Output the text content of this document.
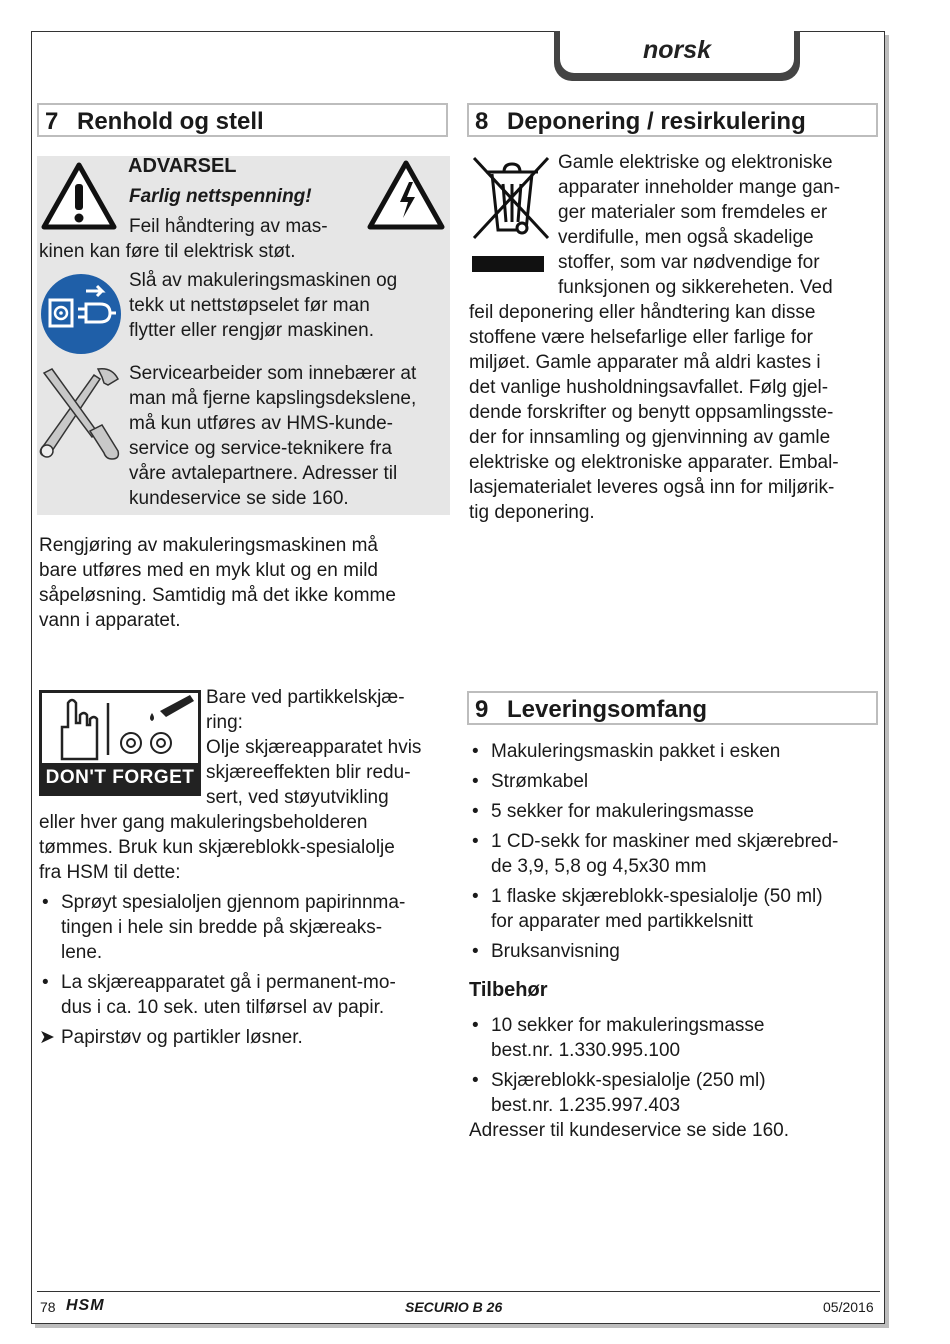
norsk
7 Renhold og stell
ADVARSEL
Farlig nettspenning!
Feil håndtering av mas-
kinen kan føre til elektrisk støt.
Slå av makuleringsmaskinen og
tekk ut nettstøpselet før man
flytter eller rengjør maskinen.
Servicearbeider som innebærer at
man må fjerne kapslingsdekslene,
må kun utføres av HMS-kunde-
service og service-teknikere fra
våre avtalepartnere. Adresser til
kundeservice se side 160.
Rengjøring av makuleringsmaskinen må
bare utføres med en myk klut og en mild
såpeløsning. Samtidig må det ikke komme
vann i apparatet.
DON'T FORGET
Bare ved partikkelskjæ-
ring:
Olje skjæreapparatet hvis
skjæreeffekten blir redu-
sert, ved støyutvikling
eller hver gang makuleringsbeholderen
tømmes. Bruk kun skjæreblokk-spesialolje
fra HSM til dette:
• Sprøyt spesialoljen gjennom papirinnma-
tingen i hele sin bredde på skjæreaks-
lene.
• La skjæreapparatet gå i permanent-mo-
dus i ca. 10 sek. uten tilførsel av papir.
➤ Papirstøv og partikler løsner.
8 Deponering / resirkulering
Gamle elektriske og elektroniske
apparater inneholder mange gan-
ger materialer som fremdeles er
verdifulle, men også skadelige
stoffer, som var nødvendige for
funksjonen og sikkereheten. Ved
feil deponering eller håndtering kan disse
stoffene være helsefarlige eller farlige for
miljøet. Gamle apparater må aldri kastes i
det vanlige husholdningsavfallet. Følg gjel-
dende forskrifter og benytt oppsamlingsste-
der for innsamling og gjenvinning av gamle
elektriske og elektroniske apparater. Embal-
lasjematerialet leveres også inn for miljørik-
tig deponering.
9 Leveringsomfang
• Makuleringsmaskin pakket i esken
• Strømkabel
• 5 sekker for makuleringsmasse
• 1 CD-sekk for maskiner med skjærebred-
de 3,9, 5,8 og 4,5x30 mm
• 1 flaske skjæreblokk-spesialolje (50 ml)
for apparater med partikkelsnitt
• Bruksanvisning
Tilbehør
• 10 sekker for makuleringsmasse
best.nr. 1.330.995.100
• Skjæreblokk-spesialolje (250 ml)
best.nr. 1.235.997.403
Adresser til kundeservice se side 160.
78 HSM	SECURIO B 26	05/2016
